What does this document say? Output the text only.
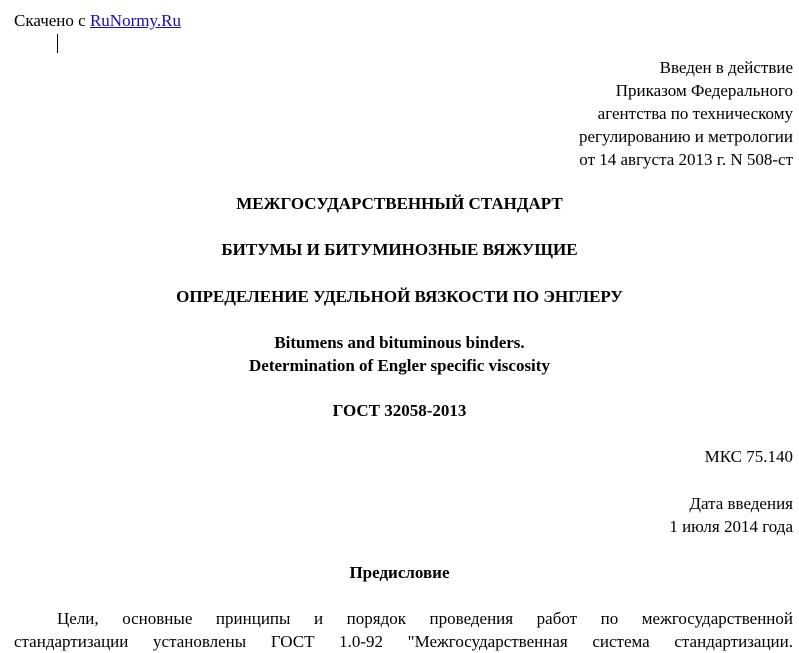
Скачено с RuNormy.Ru
Введен в действие
Приказом Федерального
агентства по техническому
регулированию и метрологии
от 14 августа 2013 г. N 508-ст
МЕЖГОСУДАРСТВЕННЫЙ СТАНДАРТ
БИТУМЫ И БИТУМИНОЗНЫЕ ВЯЖУЩИЕ
ОПРЕДЕЛЕНИЕ УДЕЛЬНОЙ ВЯЗКОСТИ ПО ЭНГЛЕРУ
Bitumens and bituminous binders.
Determination of Engler specific viscosity
ГОСТ 32058-2013
МКС 75.140
Дата введения
1 июля 2014 года
Предисловие
Цели, основные принципы и порядок проведения работ по межгосударственной
стандартизации установлены ГОСТ 1.0-92 "Межгосударственная система стандартизации.
